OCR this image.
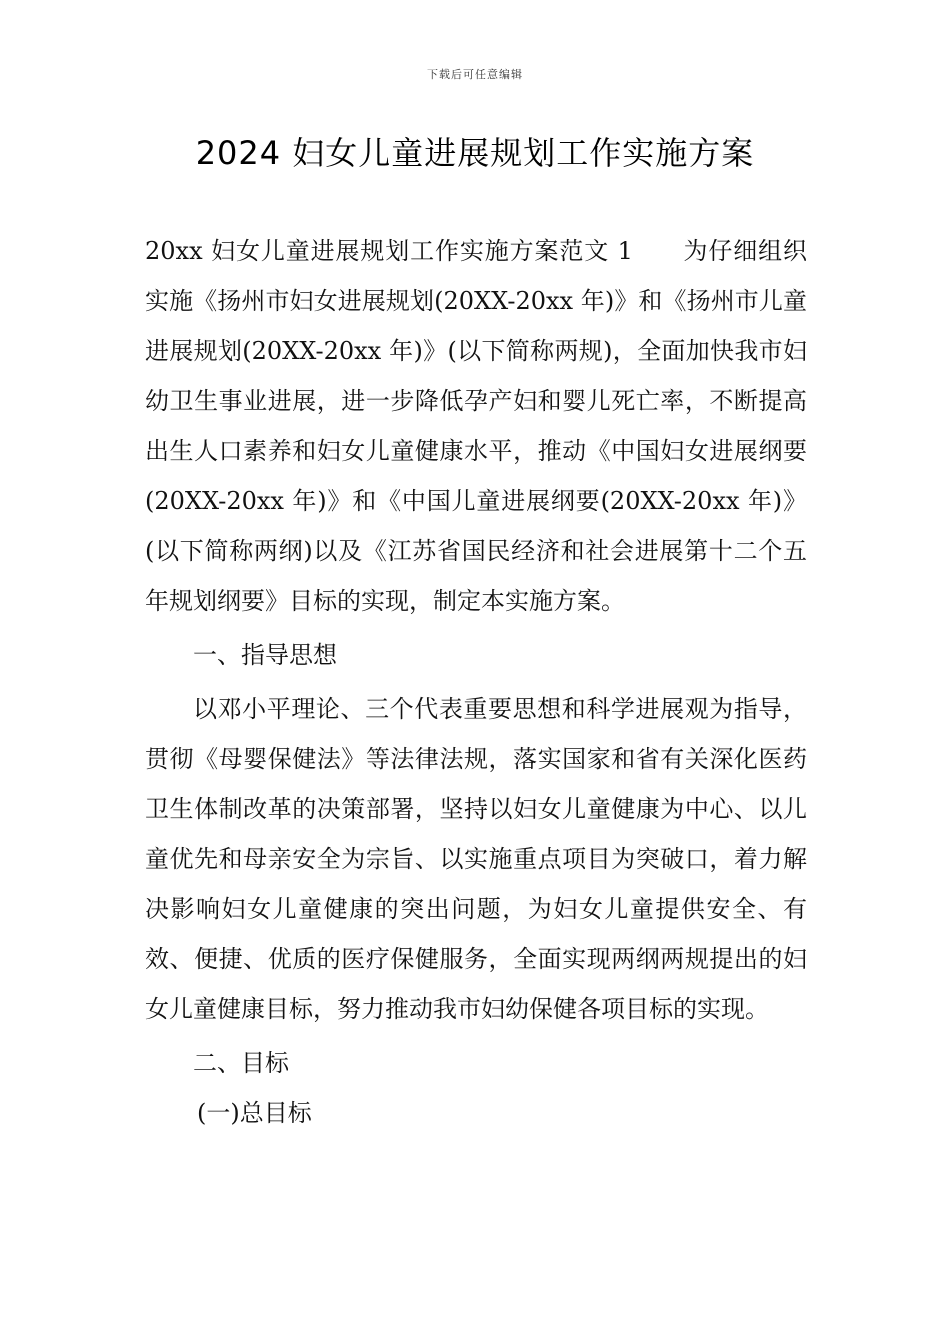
下载后可任意编辑
2024 妇女儿童进展规划工作实施方案

20xx 妇女儿童进展规划工作实施方案范文 1　　为仔细组织实施《扬州市妇女进展规划(20XX-20xx 年)》和《扬州市儿童进展规划(20XX-20xx 年)》(以下简称两规)，全面加快我市妇幼卫生事业进展，进一步降低孕产妇和婴儿死亡率，不断提高出生人口素养和妇女儿童健康水平，推动《中国妇女进展纲要(20XX-20xx 年)》和《中国儿童进展纲要(20XX-20xx 年)》(以下简称两纲)以及《江苏省国民经济和社会进展第十二个五年规划纲要》目标的实现，制定本实施方案。

一、指导思想

以邓小平理论、三个代表重要思想和科学进展观为指导，贯彻《母婴保健法》等法律法规，落实国家和省有关深化医药卫生体制改革的决策部署，坚持以妇女儿童健康为中心、以儿童优先和母亲安全为宗旨、以实施重点项目为突破口，着力解决影响妇女儿童健康的突出问题，为妇女儿童提供安全、有效、便捷、优质的医疗保健服务，全面实现两纲两规提出的妇女儿童健康目标，努力推动我市妇幼保健各项目标的实现。

二、目标

(一)总目标
